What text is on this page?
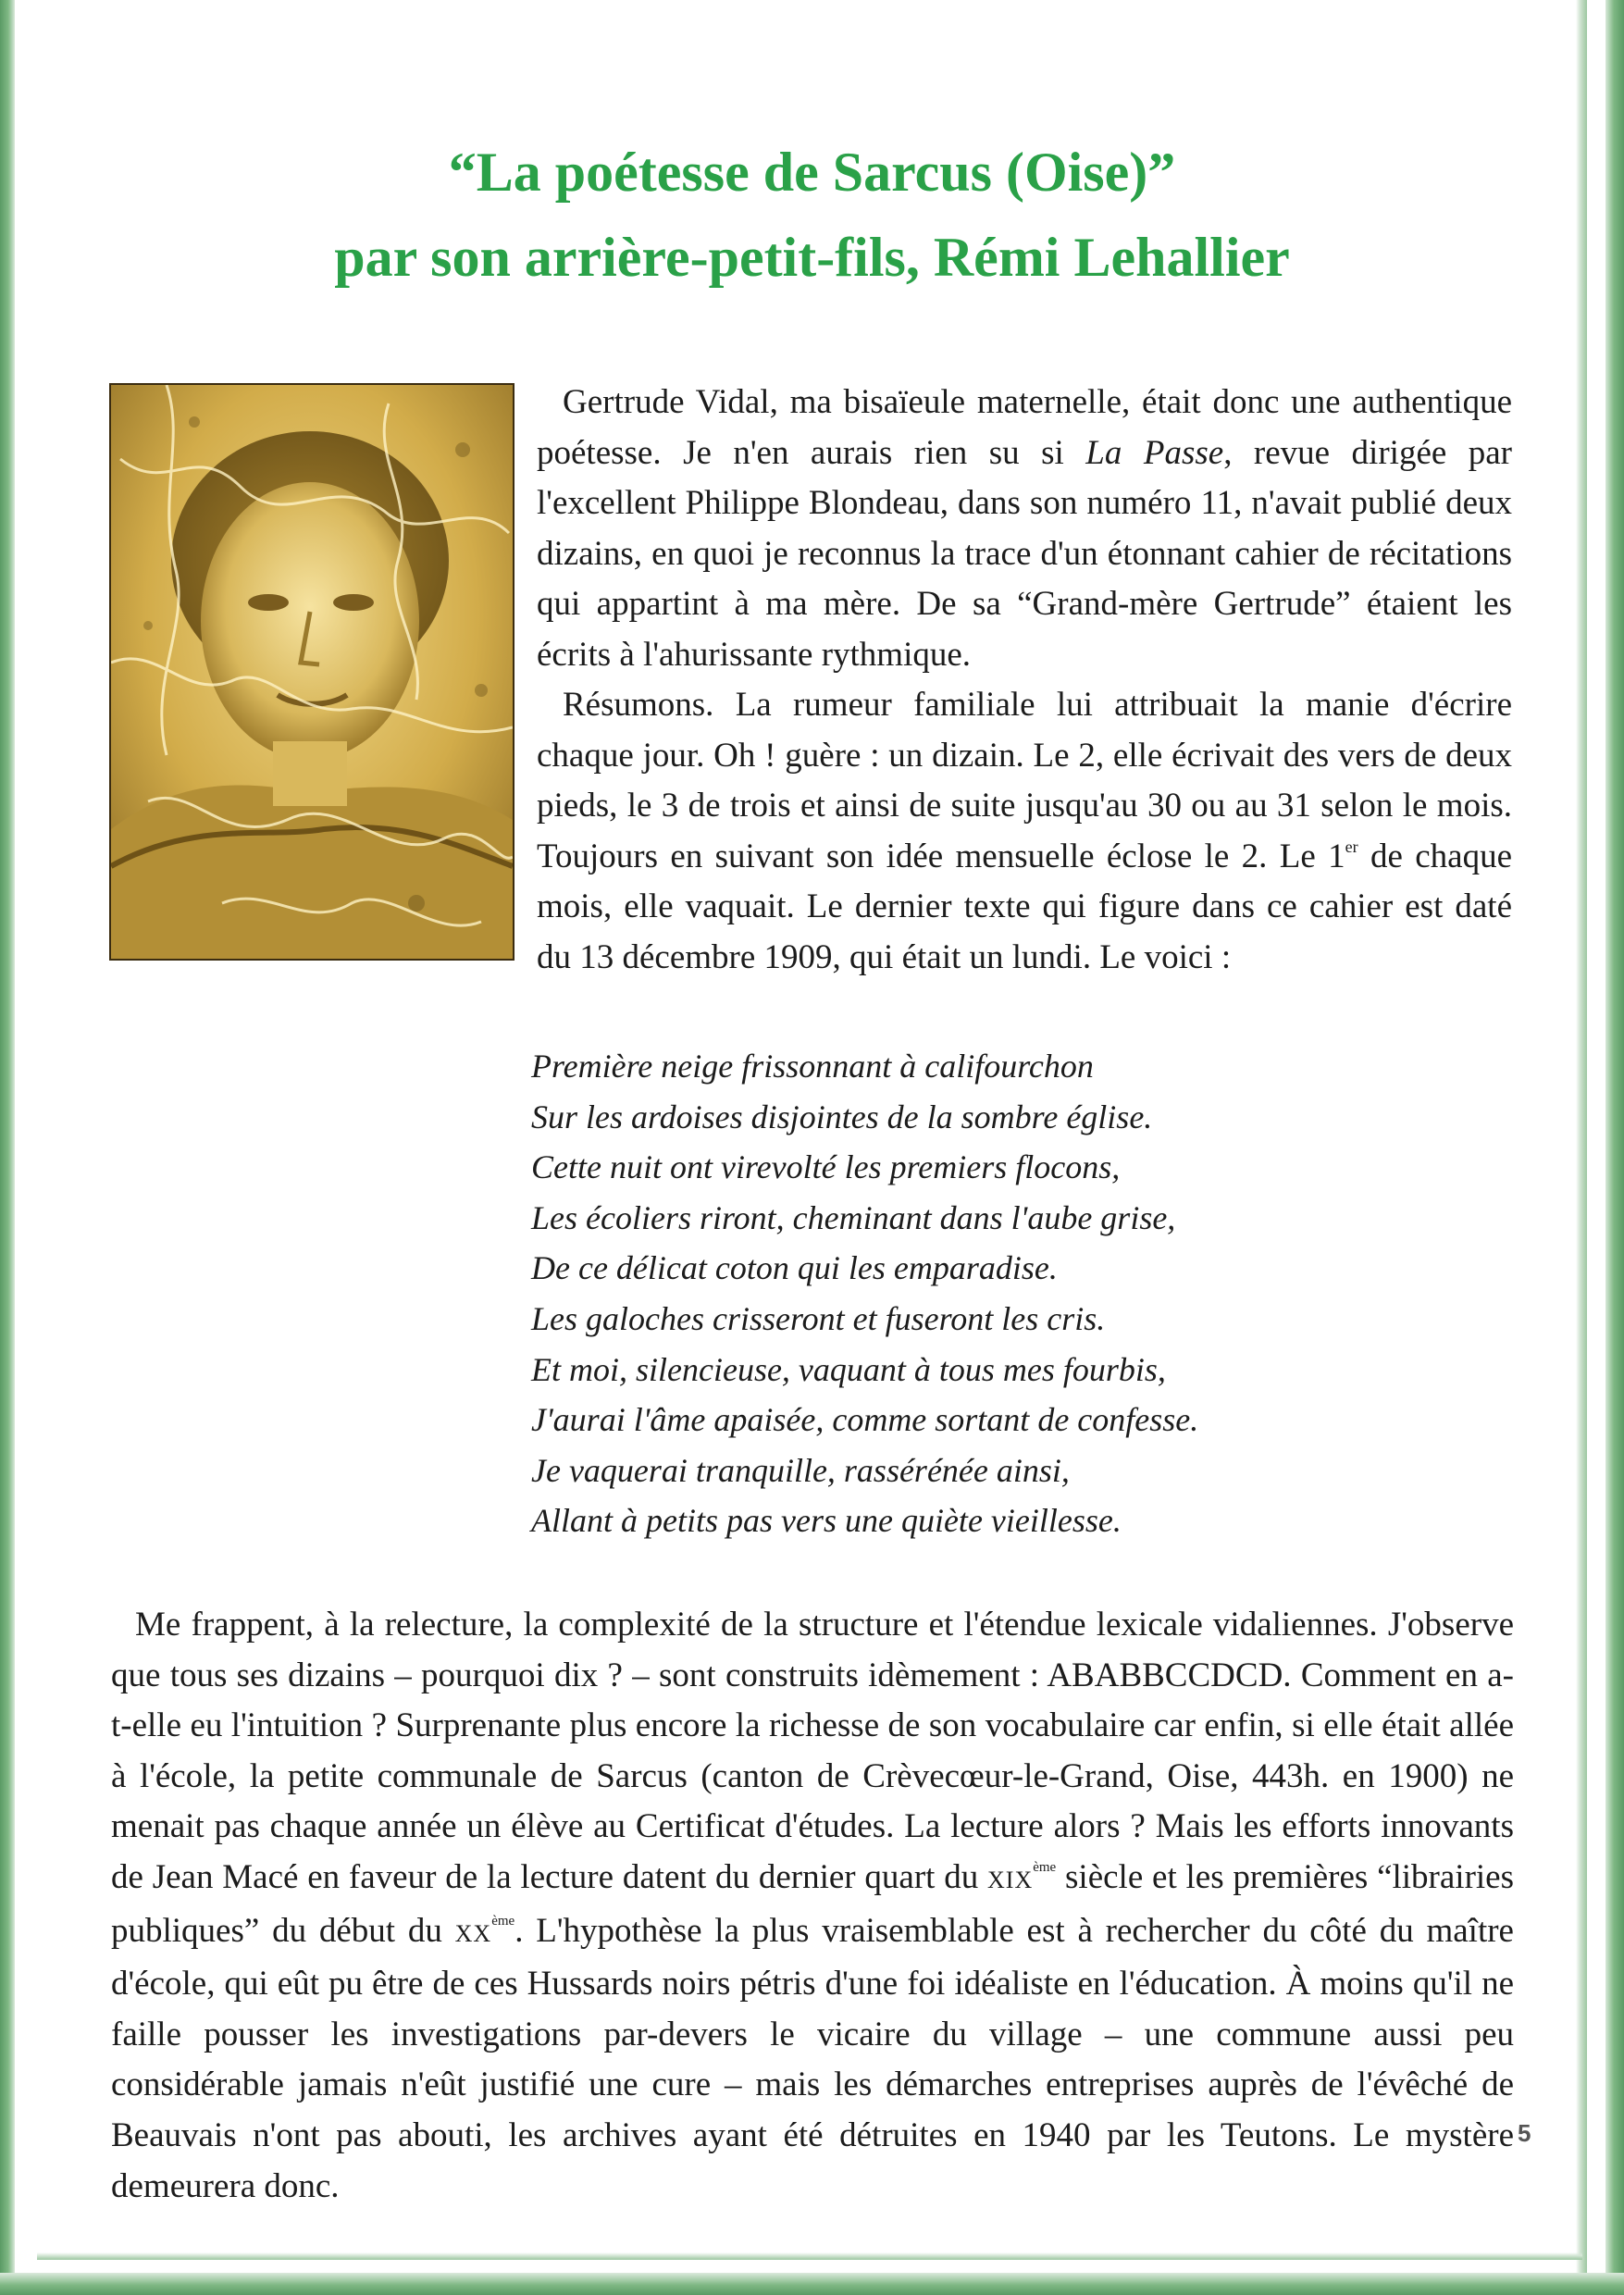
“La poétesse de Sarcus (Oise)”
par son arrière-petit-fils, Rémi Lehallier

Gertrude Vidal, ma bisaïeule maternelle, était donc une authentique poétesse. Je n'en aurais rien su si La Passe, revue dirigée par l'excellent Philippe Blondeau, dans son numéro 11, n'avait publié deux dizains, en quoi je reconnus la trace d'un étonnant cahier de récitations qui appartint à ma mère. De sa “Grand-mère Gertrude” étaient les écrits à l'ahurissante rythmique.

Résumons. La rumeur familiale lui attribuait la manie d'écrire chaque jour. Oh ! guère : un dizain. Le 2, elle écrivait des vers de deux pieds, le 3 de trois et ainsi de suite jusqu'au 30 ou au 31 selon le mois. Toujours en suivant son idée mensuelle éclose le 2. Le 1er de chaque mois, elle vaquait. Le dernier texte qui figure dans ce cahier est daté du 13 décembre 1909, qui était un lundi. Le voici :

Première neige frissonnant à califourchon
Sur les ardoises disjointes de la sombre église.
Cette nuit ont virevolté les premiers flocons,
Les écoliers riront, cheminant dans l'aube grise,
De ce délicat coton qui les emparadise.
Les galoches crisseront et fuseront les cris.
Et moi, silencieuse, vaquant à tous mes fourbis,
J'aurai l'âme apaisée, comme sortant de confesse.
Je vaquerai tranquille, rassérénée ainsi,
Allant à petits pas vers une quiète vieillesse.

Me frappent, à la relecture, la complexité de la structure et l'étendue lexicale vidaliennes. J'observe que tous ses dizains – pourquoi dix ? – sont construits idèmement : ABABBCCDCD. Comment en a-t-elle eu l'intuition ? Surprenante plus encore la richesse de son vocabulaire car enfin, si elle était allée à l'école, la petite communale de Sarcus (canton de Crèvecœur-le-Grand, Oise, 443h. en 1900) ne menait pas chaque année un élève au Certificat d'études. La lecture alors ? Mais les efforts innovants de Jean Macé en faveur de la lecture datent du dernier quart du XIXème siècle et les premières “librairies publiques” du début du XXème. L'hypothèse la plus vraisemblable est à rechercher du côté du maître d'école, qui eût pu être de ces Hussards noirs pétris d'une foi idéaliste en l'éducation. À moins qu'il ne faille pousser les investigations par-devers le vicaire du village – une commune aussi peu considérable jamais n'eût justifié une cure – mais les démarches entreprises auprès de l'évêché de Beauvais n'ont pas abouti, les archives ayant été détruites en 1940 par les Teutons. Le mystère demeurera donc.

5
